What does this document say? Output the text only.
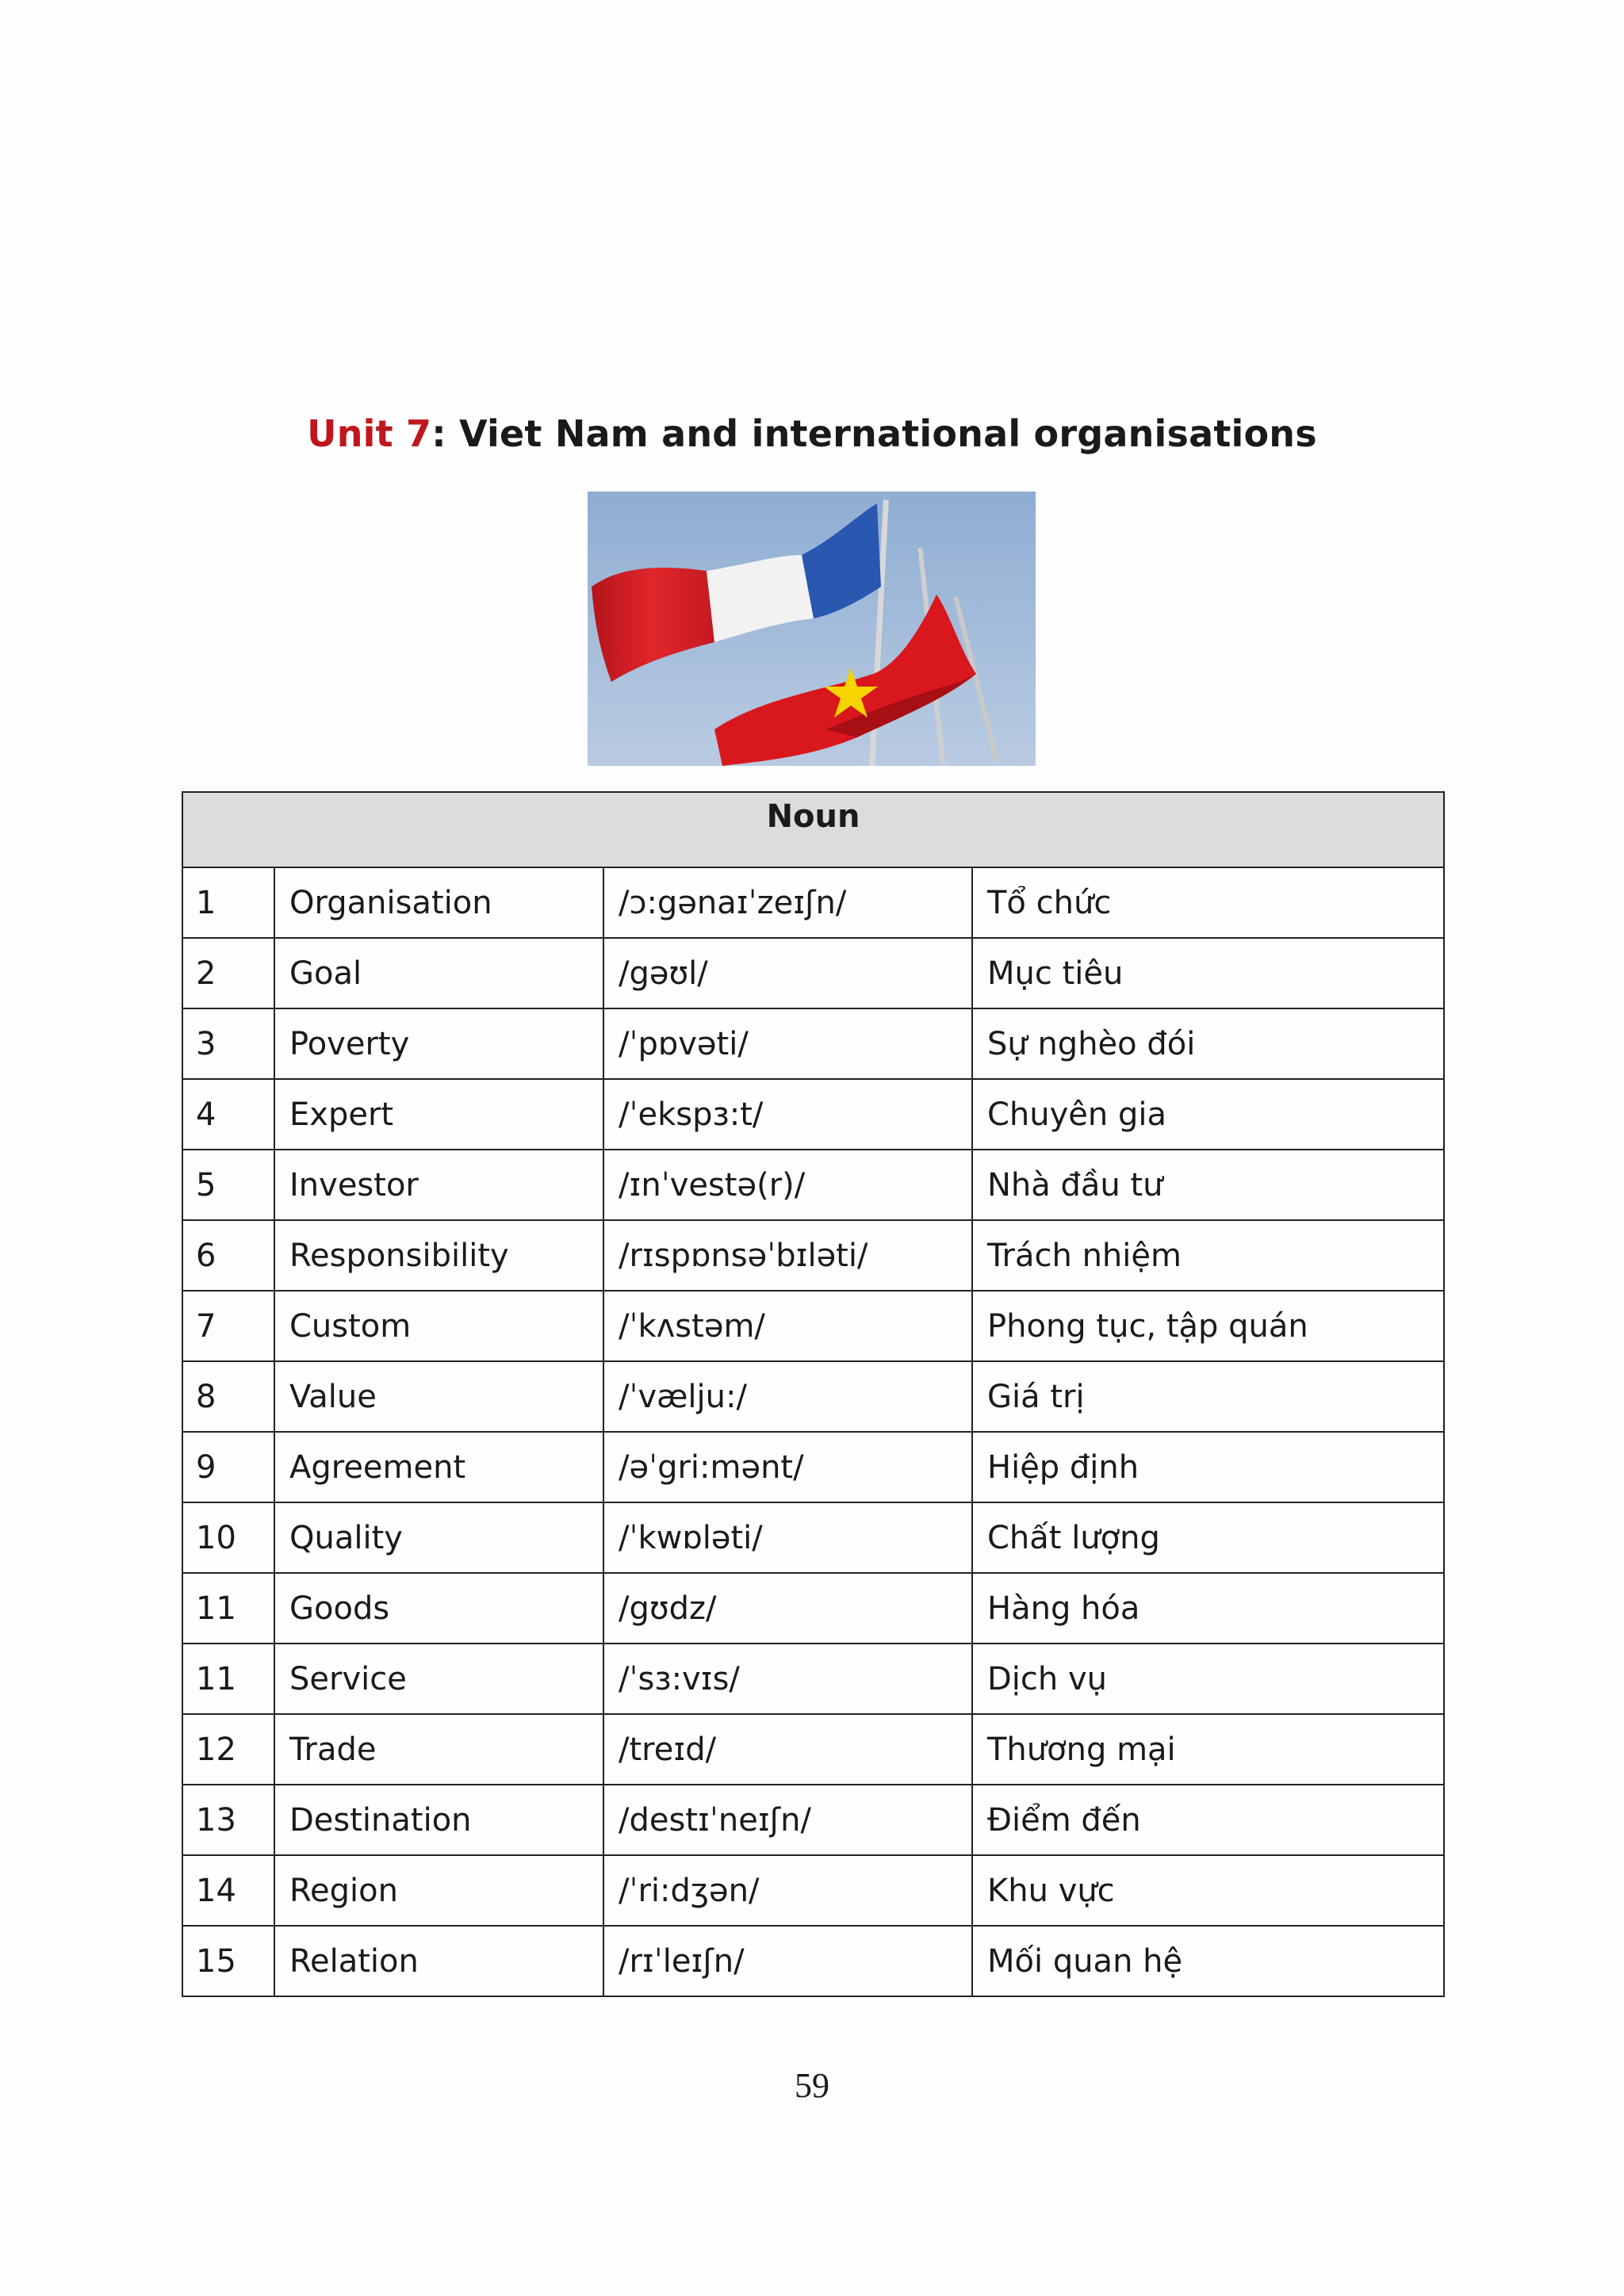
Unit 7: Viet Nam and international organisations
Noun			
1	Organisation	/ɔ:gənaɪˈzeɪʃn/	Tổ chức
2	Goal	/gəʊl/	Mục tiêu
3	Poverty	/ˈpɒvəti/	Sự nghèo đói
4	Expert	/ˈekspɜ:t/	Chuyên gia
5	Investor	/ɪnˈvestə(r)/	Nhà đầu tư
6	Responsibility	/rɪspɒnsəˈbɪləti/	Trách nhiệm
7	Custom	/ˈkʌstəm/	Phong tục, tập quán
8	Value	/ˈvælju:/	Giá trị
9	Agreement	/əˈgri:mənt/	Hiệp định
10	Quality	/ˈkwɒləti/	Chất lượng
11	Goods	/gʊdz/	Hàng hóa
11	Service	/ˈsɜ:vɪs/	Dịch vụ
12	Trade	/treɪd/	Thương mại
13	Destination	/destɪˈneɪʃn/	Điểm đến
14	Region	/ˈri:dʒən/	Khu vực
15	Relation	/rɪˈleɪʃn/	Mối quan hệ
59
